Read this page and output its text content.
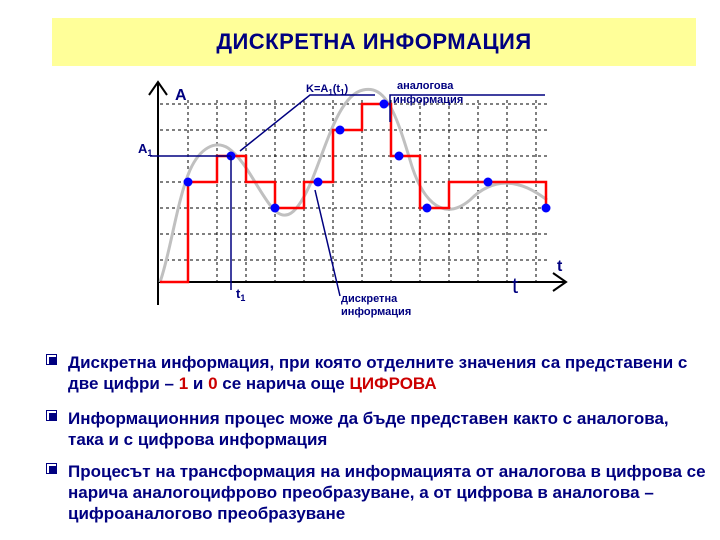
ДИСКРЕТНА ИНФОРМАЦИЯ
A
t
t
$A_1$
$t_1$
$K=A_1(t_1)$	аналогова
информация
дискретна
информация
Дискретна информация, при която отделните значения са представени с две цифри – 1 и 0 се нарича още ЦИФРОВА
Информационния процес може да бъде представен както с аналогова, така и с цифрова информация
Процесът на трансформация на информацията от аналогова в цифрова се нарича аналогоцифрово преобразуване, а от цифрова в аналогова – цифроаналогово преобразуване
